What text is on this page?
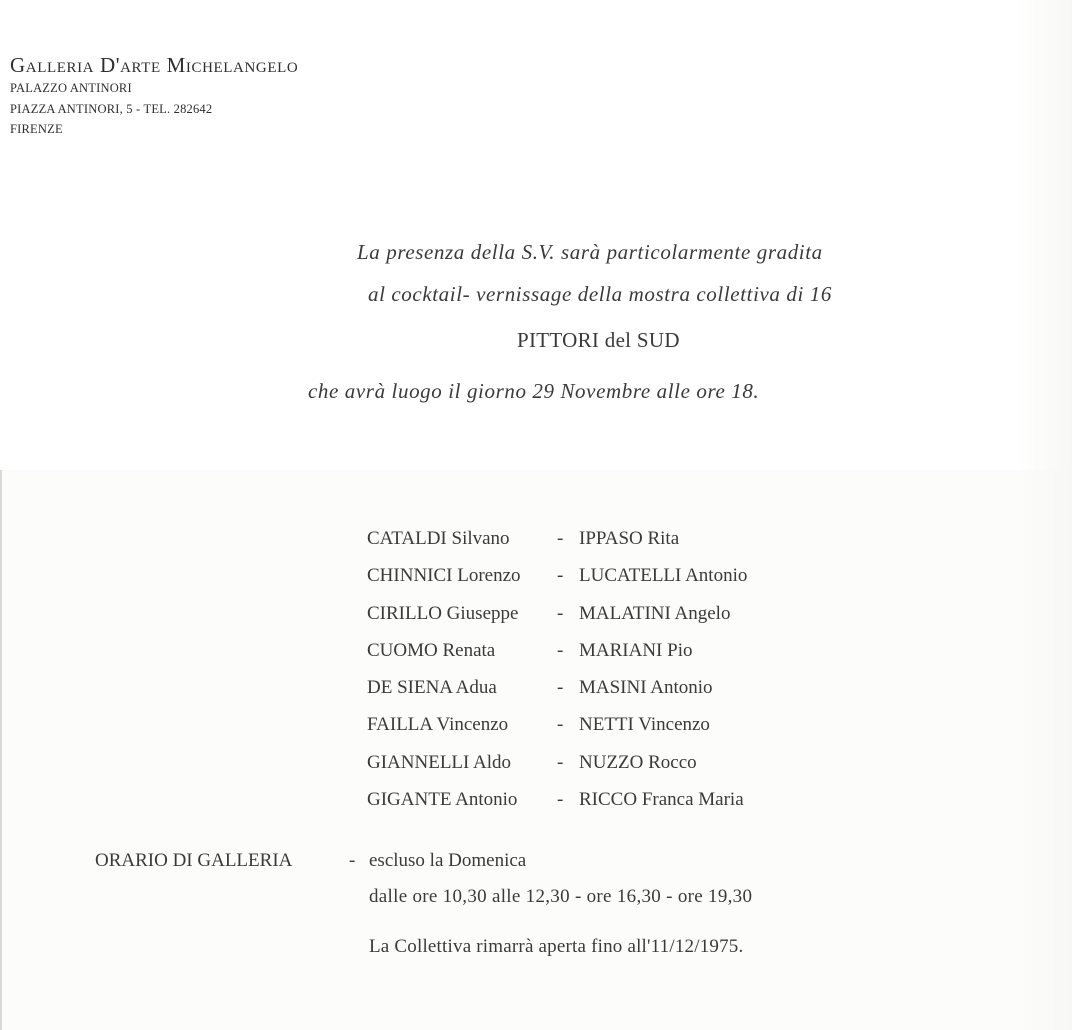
Galleria D'arte Michelangelo
PALAZZO ANTINORI
PIAZZA ANTINORI, 5 - TEL. 282642
FIRENZE
La presenza della S.V. sarà particolarmente gradita
al cocktail- vernissage della mostra collettiva di 16
PITTORI del SUD
che avrà luogo il giorno 29 Novembre alle ore 18.
CATALDI Silvano - IPPASO Rita
CHINNICI Lorenzo - LUCATELLI Antonio
CIRILLO Giuseppe - MALATINI Angelo
CUOMO Renata	- MARIANI Pio
DE SIENA Adua	- MASINI Antonio
FAILLA Vincenzo	- NETTI Vincenzo
GIANNELLI Aldo - NUZZO Rocco
GIGANTE Antonio - RICCO Franca Maria
ORARIO DI GALLERIA	- escluso la Domenica
dalle ore 10,30 alle 12,30 - ore 16,30 - ore 19,30
La Collettiva rimarrà aperta fino all'11/12/1975.
